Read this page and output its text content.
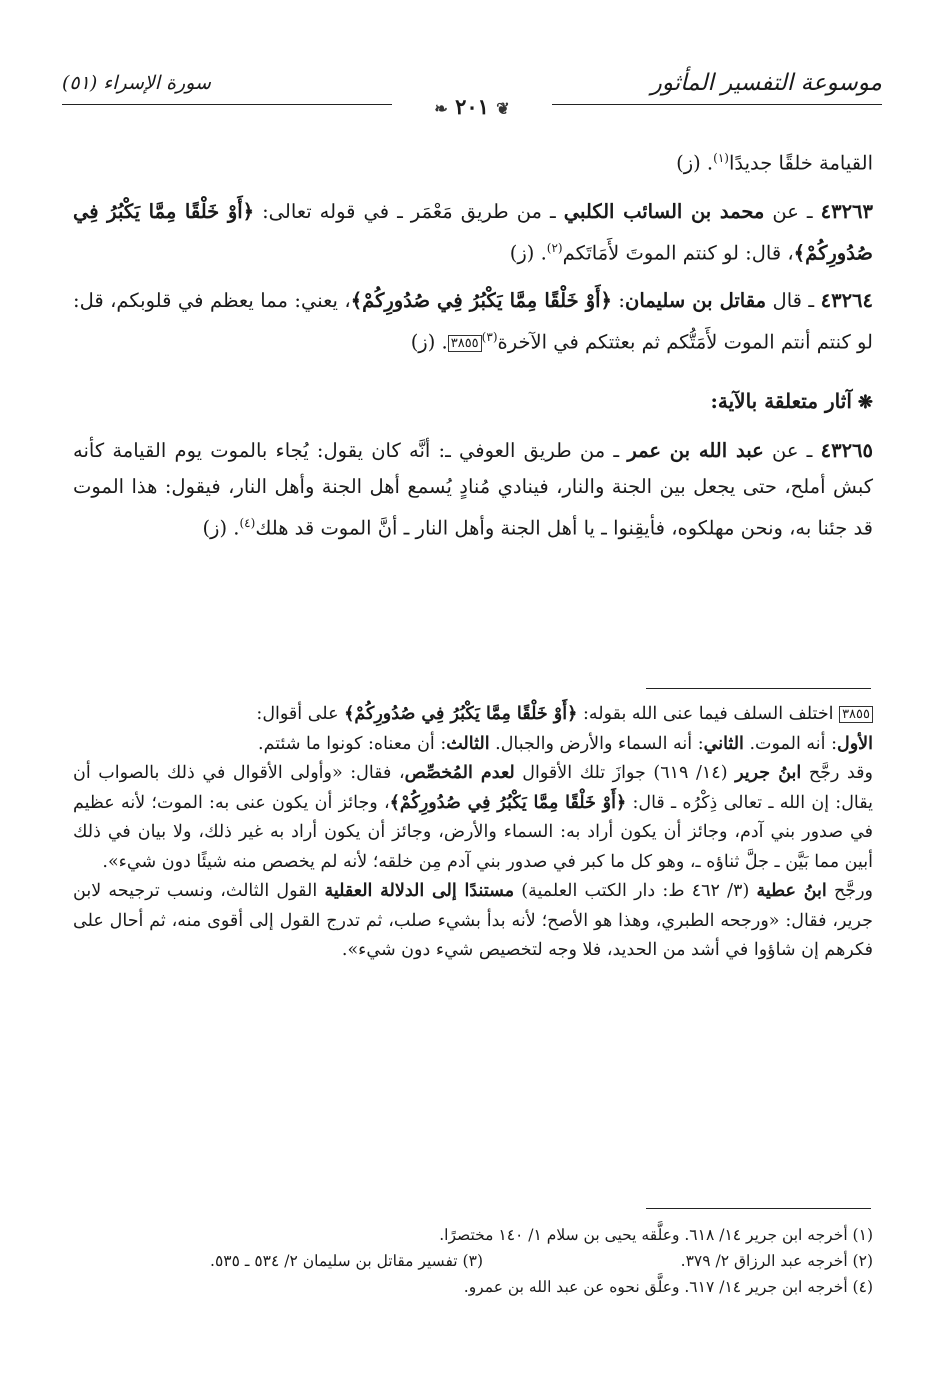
موسوعة التفسير المأثور
سورة الإسراء (٥١)
❧ ٢٠١ ❦

القيامة خلقًا جديدًا$^{(١)}$. (ز)

٤٣٢٦٣ ـ عن محمد بن السائب الكلبي ـ من طريق مَعْمَر ـ في قوله تعالى: ﴿أَوْ خَلْقًا مِمَّا يَكْبُرُ فِي صُدُورِكُمْ﴾، قال: لو كنتم الموتَ لأَمَاتَكم$^{(٢)}$. (ز)

٤٣٢٦٤ ـ قال مقاتل بن سليمان: ﴿أَوْ خَلْقًا مِمَّا يَكْبُرُ فِي صُدُورِكُمْ﴾، يعني: مما يعظم في قلوبكم، قل: لو كنتم أنتم الموت لأَمَتُّكم ثم بعثتكم في الآخرة$^{(٣)}$٣٨٥٥. (ز)

❋آثار متعلقة بالآية:

٤٣٢٦٥ ـ عن عبد الله بن عمر ـ من طريق العوفي ـ: أنَّه كان يقول: يُجاء بالموت يوم القيامة كأنه كبش أملح، حتى يجعل بين الجنة والنار، فينادي مُنادٍ يُسمع أهل الجنة وأهل النار، فيقول: هذا الموت قد جئنا به، ونحن مهلكوه، فأيقِنوا ـ يا أهل الجنة وأهل النار ـ أنَّ الموت قد هلك$^{(٤)}$. (ز)

٣٨٥٥ اختلف السلف فيما عنى الله بقوله: ﴿أَوْ خَلْقًا مِمَّا يَكْبُرُ فِي صُدُورِكُمْ﴾ على أقوال:

الأول: أنه الموت. الثاني: أنه السماء والأرض والجبال. الثالث: أن معناه: كونوا ما شئتم.

وقد رجَّح ابنُ جرير (١٤/ ٦١٩) جوازَ تلك الأقوال لعدم المُخصِّص، فقال: «وأولى الأقوال في ذلك بالصواب أن يقال: إن الله ـ تعالى ذِكْرُه ـ قال: ﴿أَوْ خَلْقًا مِمَّا يَكْبُرُ فِي صُدُورِكُمْ﴾، وجائز أن يكون عنى به: الموت؛ لأنه عظيم في صدور بني آدم، وجائز أن يكون أراد به: السماء والأرض، وجائز أن يكون أراد به غير ذلك، ولا بيان في ذلك أبين مما بَيَّن ـ جلَّ ثناؤه ـ، وهو كل ما كبر في صدور بني آدم مِن خلقه؛ لأنه لم يخصص منه شيئًا دون شيء».

ورجَّح ابنُ عطية (٣/ ٤٦٢ ط: دار الكتب العلمية) مستندًا إلى الدلالة العقلية القول الثالث، ونسب ترجيحه لابن جرير، فقال: «ورجحه الطبري، وهذا هو الأصح؛ لأنه بدأ بشيء صلب، ثم تدرج القول إلى أقوى منه، ثم أحال على فكرهم إن شاؤوا في أشد من الحديد، فلا وجه لتخصيص شيء دون شيء».

(١) أخرجه ابن جرير ١٤/ ٦١٨. وعلَّقه يحيى بن سلام ١/ ١٤٠ مختصرًا.

(٢) أخرجه عبد الرزاق ٢/ ٣٧٩.

(٣) تفسير مقاتل بن سليمان ٢/ ٥٣٤ ـ ٥٣٥.

(٤) أخرجه ابن جرير ١٤/ ٦١٧. وعلَّق نحوه عن عبد الله بن عمرو.
